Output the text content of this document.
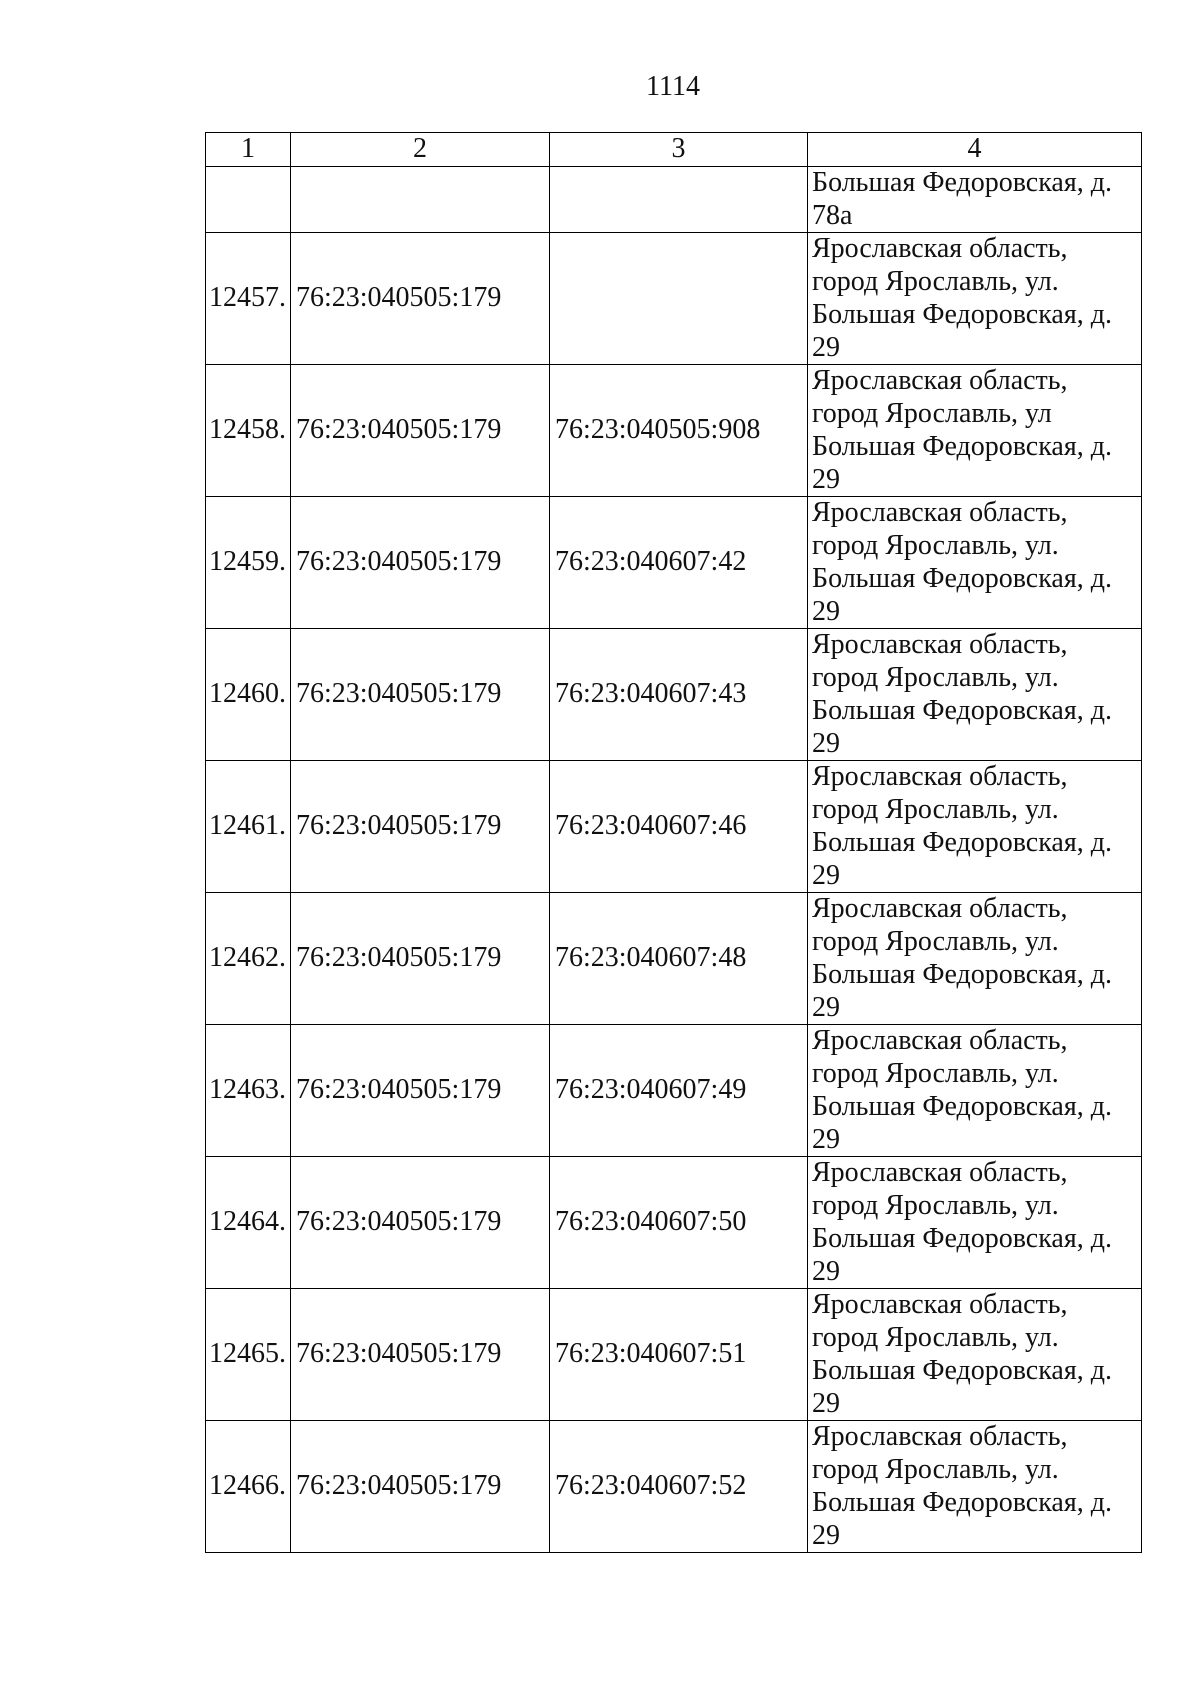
1114
1	2	3	4
			Большая Федоровская, д.
78а
12457.	76:23:040505:179		Ярославская область,
город Ярославль, ул.
Большая Федоровская, д.
29
12458.	76:23:040505:179	76:23:040505:908	Ярославская область,
город Ярославль, ул
Большая Федоровская, д.
29
12459.	76:23:040505:179	76:23:040607:42	Ярославская область,
город Ярославль, ул.
Большая Федоровская, д.
29
12460.	76:23:040505:179	76:23:040607:43	Ярославская область,
город Ярославль, ул.
Большая Федоровская, д.
29
12461.	76:23:040505:179	76:23:040607:46	Ярославская область,
город Ярославль, ул.
Большая Федоровская, д.
29
12462.	76:23:040505:179	76:23:040607:48	Ярославская область,
город Ярославль, ул.
Большая Федоровская, д.
29
12463.	76:23:040505:179	76:23:040607:49	Ярославская область,
город Ярославль, ул.
Большая Федоровская, д.
29
12464.	76:23:040505:179	76:23:040607:50	Ярославская область,
город Ярославль, ул.
Большая Федоровская, д.
29
12465.	76:23:040505:179	76:23:040607:51	Ярославская область,
город Ярославль, ул.
Большая Федоровская, д.
29
12466.	76:23:040505:179	76:23:040607:52	Ярославская область,
город Ярославль, ул.
Большая Федоровская, д.
29
